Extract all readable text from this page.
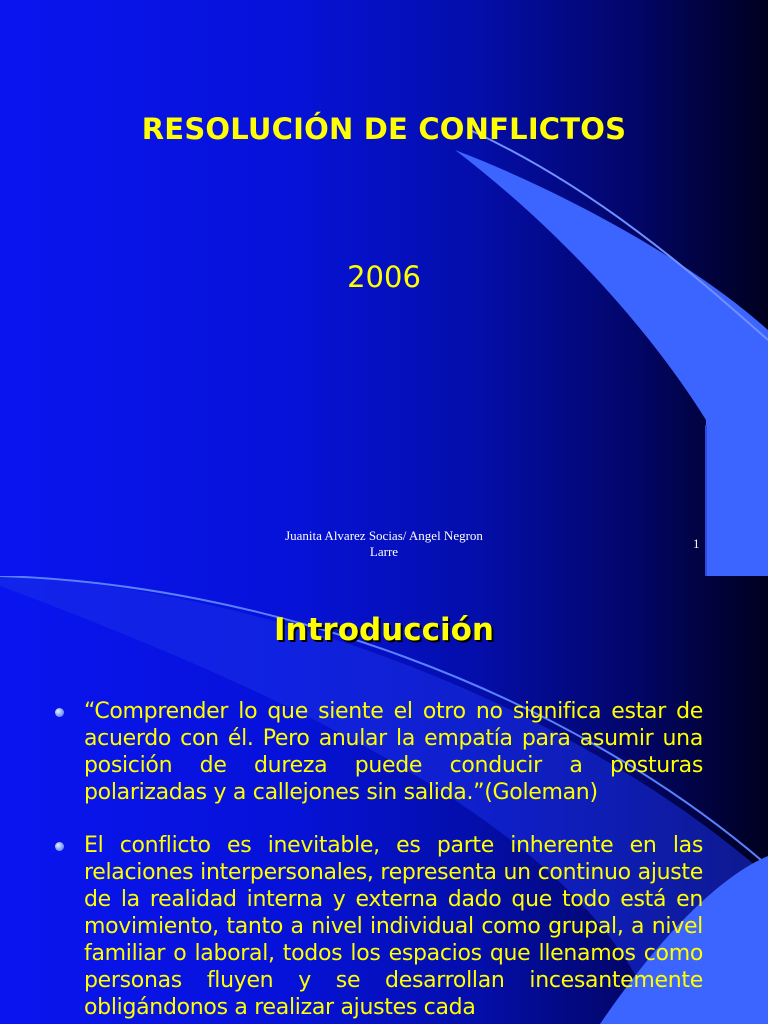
RESOLUCIÓN DE CONFLICTOS
2006
Juanita Alvarez Socias/ Angel Negron
Larre
1
Introducción
“Comprender lo que siente el otro no significa estar de acuerdo con él. Pero anular la empatía para asumir una posición de dureza puede conducir a posturas polarizadas y a callejones sin salida.”(Goleman)
El conflicto es inevitable, es parte inherente en las relaciones interpersonales, representa un continuo ajuste de la realidad interna y externa dado que todo está en movimiento, tanto a nivel individual como grupal, a nivel familiar o laboral, todos los espacios que llenamos como personas fluyen y se desarrollan incesantemente obligándonos a realizar ajustes cada
